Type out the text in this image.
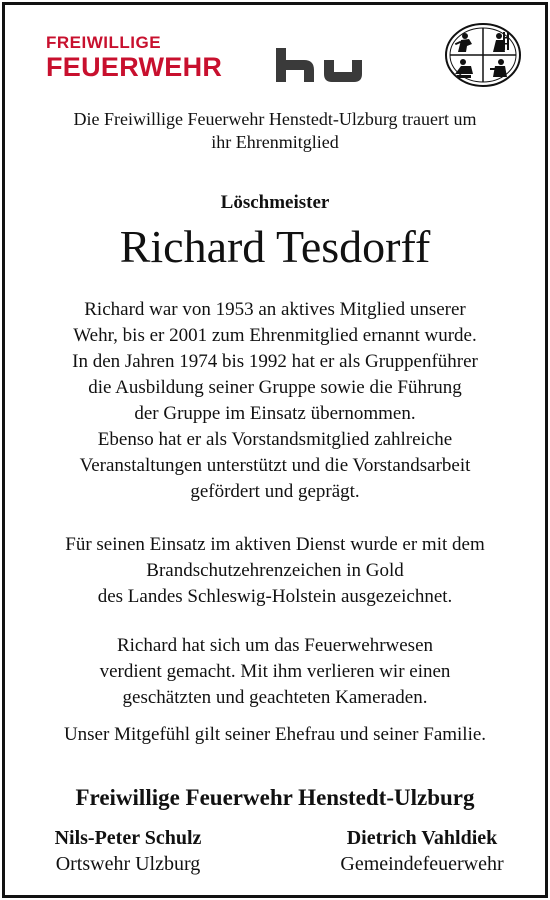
FREIWILLIGE
FEUERWEHR
Die Freiwillige Feuerwehr Henstedt-Ulzburg trauert um
ihr Ehrenmitglied
Löschmeister
Richard Tesdorff
Richard war von 1953 an aktives Mitglied unserer
Wehr, bis er 2001 zum Ehrenmitglied ernannt wurde.
In den Jahren 1974 bis 1992 hat er als Gruppenführer
die Ausbildung seiner Gruppe sowie die Führung
der Gruppe im Einsatz übernommen.
Ebenso hat er als Vorstandsmitglied zahlreiche
Veranstaltungen unterstützt und die Vorstandsarbeit
gefördert und geprägt.
Für seinen Einsatz im aktiven Dienst wurde er mit dem
Brandschutzehrenzeichen in Gold
des Landes Schleswig-Holstein ausgezeichnet.
Richard hat sich um das Feuerwehrwesen
verdient gemacht. Mit ihm verlieren wir einen
geschätzten und geachteten Kameraden.
Unser Mitgefühl gilt seiner Ehefrau und seiner Familie.
Freiwillige Feuerwehr Henstedt-Ulzburg
Nils-Peter Schulz
Ortswehr Ulzburg
Dietrich Vahldiek
Gemeindefeuerwehr
